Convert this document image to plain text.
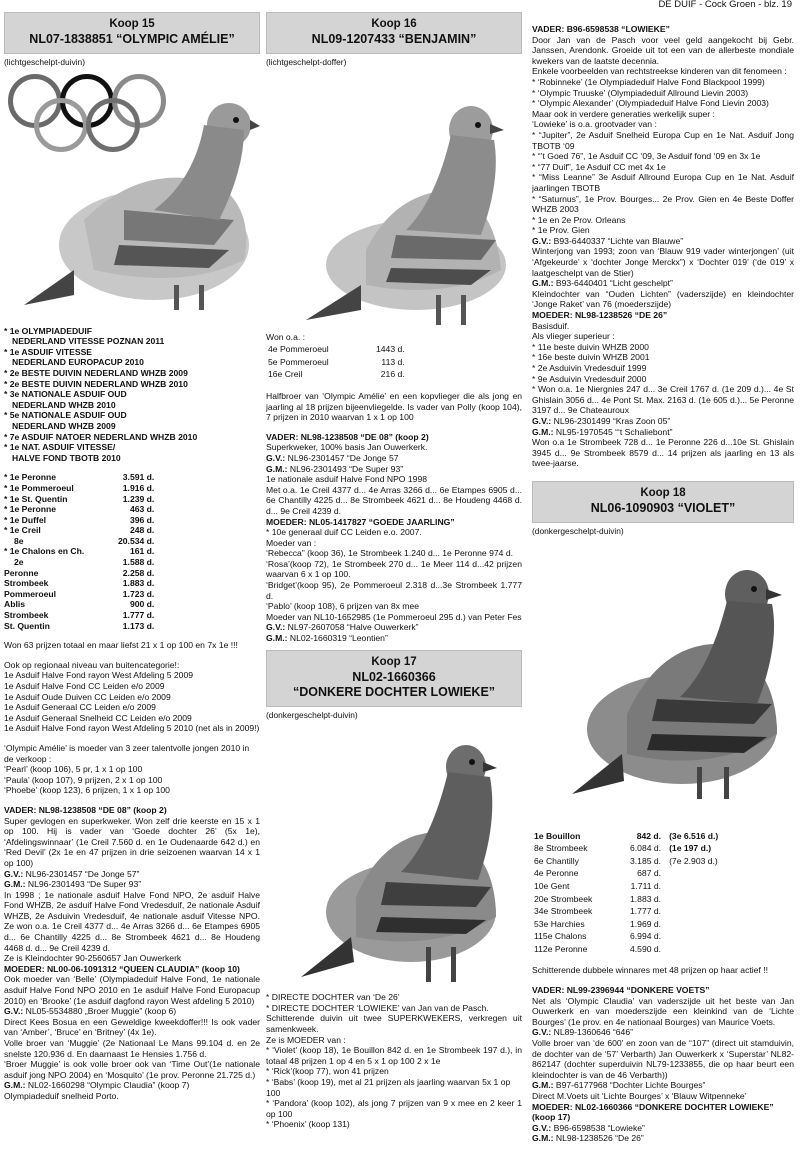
DE DUIF - Cock Groen - blz. 19
Koop 15
NL07-1838851 “OLYMPIC AMÉLIE”
(lichtgeschelpt-duivin)

* 1e OLYMPIADEDUIF

NEDERLAND VITESSE POZNAN 2011

* 1e ASDUIF VITESSE

NEDERLAND EUROPACUP 2010

* 2e BESTE DUIVIN NEDERLAND WHZB 2009

* 2e BESTE DUIVIN NEDERLAND WHZB 2010

* 3e NATIONALE ASDUIF OUD

NEDERLAND WHZB 2010

* 5e NATIONALE ASDUIF OUD

NEDERLAND WHZB 2009

* 7e ASDUIF NATOER NEDERLAND WHZB 2010

* 1e NAT. ASDUIF VITESSE/

HALVE FOND TBOTB 2010

* 1e Peronne	3.591 d.
* 1e Pommeroeul	1.916 d.
* 1e St. Quentin	1.239 d.
* 1e Peronne	463 d.
* 1e Duffel	396 d.
* 1e Creil	248 d.
8e	20.534 d.
* 1e Chalons en Ch.	161 d.
2e	1.588 d.
Peronne	2.258 d.
Strombeek	1.883 d.
Pommeroeul	1.723 d.
Ablis	900 d.
Strombeek	1.777 d.
St. Quentin	1.173 d.

Won 63 prijzen totaal en maar liefst 21 x 1 op 100 en 7x 1e !!!

Ook op regionaal niveau van buitencategorie!:

1e Asduif Halve Fond rayon West Afdeling 5 2009

1e Asduif Halve Fond CC Leiden e/o 2009

1e Asduif Oude Duiven CC Leiden e/o 2009

1e Asduif Generaal CC Leiden e/o 2009

1e Asduif Generaal Snelheid CC Leiden e/o 2009

1e Asduif Halve Fond rayon West Afdeling 5 2010 (net als in 2009!)

‘Olympic Amélie’ is moeder van 3 zeer talentvolle jongen 2010 in de verkoop :

‘Pearl’ (koop 106), 5 pr, 1 x 1 op 100

‘Paula’ (koop 107), 9 prijzen, 2 x 1 op 100

‘Phoebe’ (koop 123), 6 prijzen, 1 x 1 op 100

VADER: NL98-1238508 “DE 08” (koop 2)

Super gevlogen en superkweker. Won zelf drie keerste en 15 x 1 op 100. Hij is vader van ‘Goede dochter 26’ (5x 1e), ‘Afdelingswinnaar’ (1e Creil 7.560 d. en 1e Oudenaarde 642 d.) en ‘Red Devil’ (2x 1e en 47 prijzen in drie seizoenen waarvan 14 x 1 op 100)

G.V.: NL96-2301457 “De Jonge 57”

G.M.: NL96-2301493 “De Super 93”

In 1998 ; 1e nationale asduif Halve Fond NPO, 2e asduif Halve Fond WHZB, 2e asduif Halve Fond Vredesduif, 2e nationale Asduif WHZB, 2e Asduivin Vredesduif, 4e nationale asduif Vitesse NPO. Ze won o.a. 1e Creil 4377 d... 4e Arras 3266 d... 6e Etampes 6905 d... 6e Chantilly 4225 d... 8e Strombeek 4621 d... 8e Houdeng 4468 d. d... 9e Creil 4239 d.

Ze is Kleindochter 90-2560657 Jan Ouwerkerk

MOEDER: NL00-06-1091312 “QUEEN CLAUDIA” (koop 10)

Ook moeder van ‘Belle’ (Olympiadeduif Halve Fond, 1e nationale asduif Halve Fond NPO 2010 en 1e asduif Halve Fond Europacup 2010) en ‘Brooke’ (1e asduif dagfond rayon West afdeling 5 2010)

G.V.: NL05-5534880 „Broer Muggie” (koop 6)

Direct Kees Bosua en een Geweldige kweekdoffer!!! Is ook vader van ‘Amber’, ‘Bruce’ en ‘Britney’ (4x 1e).

Volle broer van ‘Muggie’ (2e Nationaal Le Mans 99.104 d. en 2e snelste 120.936 d. En daarnaast 1e Hensies 1.756 d.

‘Broer Muggie’ is ook volle broer ook van ‘Time Out’(1e nationale asduif jong NPO 2004) en ‘Mosquito’ (1e prov. Peronne 21.725 d.)

G.M.: NL02-1660298 “Olympic Claudia” (koop 7)

Olympiadeduif snelheid Porto.

Koop 16
NL09-1207433 “BENJAMIN”
(lichtgeschelpt-doffer)

Won o.a. :

4e Pommeroeul	1443 d.
5e Pommeroeul	113 d.
16e Creil	216 d.

Halfbroer van ‘Olympic Amélie’ en een kopvlieger die als jong en jaarling al 18 prijzen bijeenvliegelde. Is vader van Polly (koop 104), 7 prijzen in 2010 waarvan 1 x 1 op 100

VADER: NL98-1238508 “DE 08” (koop 2)

Superkweker, 100% basis Jan Ouwerkerk.

G.V.: NL96-2301457 “De Jonge 57

G.M.: NL96-2301493 “De Super 93”

1e nationale asduif Halve Fond NPO 1998

Met o.a. 1e Creil 4377 d... 4e Arras 3266 d... 6e Etampes 6905 d... 6e Chantilly 4225 d... 8e Strombeek 4621 d... 8e Houdeng 4468 d. d... 9e Creil 4239 d.

MOEDER: NL05-1417827 “GOEDE JAARLING”

* 10e generaal duif CC Leiden e.o. 2007.

Moeder van :

‘Rebecca” (koop 36), 1e Strombeek 1.240 d... 1e Peronne 974 d.

‘Rosa’(koop 72), 1e Strombeek 270 d... 1e Meer 114 d...42 prijzen waarvan 6 x 1 op 100.

‘Bridget’(koop 95), 2e Pommeroeul 2.318 d...3e Strombeek 1.777 d.

‘Pablo’ (koop 108), 6 prijzen van 8x mee

Moeder van NL10-1652985 (1e Pommeroeul 295 d.) van Peter Fes

G.V.: NL97-2607058 “Halve Ouwerkerk”

G.M.: NL02-1660319 “Leontien”

Koop 17
NL02-1660366
“DONKERE DOCHTER LOWIEKE”
(donkergeschelpt-duivin)

* DIRECTE DOCHTER van ‘De 26’

* DIRECTE DOCHTER ‘LOWIEKE’ van Jan van de Pasch.

Schitterende duivin uit twee SUPERKWEKERS, verkregen uit samenkweek.

Ze is MOEDER van :

* ‘Violet’ (koop 18), 1e Bouillon 842 d. en 1e Strombeek 197 d.), in totaal 48 prijzen 1 op 4 en 5 x 1 op 100 2 x 1e

* ‘Rick’(koop 77), won 41 prijzen

* ‘Babs’ (koop 19), met al 21 prijzen als jaarling waarvan 5x 1 op 100

* ‘Pandora’ (koop 102), als jong 7 prijzen van 9 x mee en 2 keer 1 op 100

* ‘Phoenix’ (koop 131)

VADER: B96-6598538 “LOWIEKE”

Door Jan van de Pasch voor veel geld aangekocht bij Gebr. Janssen, Arendonk. Groeide uit tot een van de allerbeste mondiale kwekers van de laatste decennia.

Enkele voorbeelden van rechtstreekse kinderen van dit fenomeen :

* ‘Robinneke’ (1e Olympiadeduif Halve Fond Blackpool 1999)

* ‘Olympic Truuske’ (Olympiadeduif Allround Lievin 2003)

* ‘Olympic Alexander’ (Olympiadeduif Halve Fond Lievin 2003)

Maar ook in verdere generaties werkelijk super :

‘Lowieke’ is o.a. grootvader van :

* “Jupiter”, 2e Asduif Snelheid Europa Cup en 1e Nat. Asduif Jong TBOTB ‘09

* “’t Goed 76”, 1e Asduif CC ‘09, 3e Asduif fond ‘09 en 3x 1e

* “77 Duif”, 1e Asduif CC met 4x 1e

* “Miss Leanne” 3e Asduif Allround Europa Cup en 1e Nat. Asduif jaarlingen TBOTB

* “Saturnus”, 1e Prov. Bourges... 2e Prov. Gien en 4e Beste Doffer WHZB 2003

* 1e en 2e Prov. Orleans

* 1e Prov. Gien

G.V.: B93-6440337 “Lichte van Blauwe”

Winterjong van 1993; zoon van ‘Blauw 919 vader winterjongen’ (uit ‘Afgekeurde’ x ‘dochter Jonge Merckx”) x ‘Dochter 019’ (‘de 019’ x laatgeschelpt van de Stier)

G.M.: B93-6440401 “Licht geschelpt”

Kleindochter van “Ouden Lichten” (vaderszijde) en kleindochter ‘Jonge Raket’ van 76 (moederszijde)

MOEDER: NL98-1238526 “DE 26”

Basisduif.

Als vlieger superieur :

* 11e beste duivin WHZB 2000

* 16e beste duivin WHZB 2001

* 2e Asduivin Vredesduif 1999

* 9e Asduivin Vredesduif 2000

* Won o.a. 1e Niergnies 247 d... 3e Creil 1767 d. (1e 209 d.)... 4e St Ghislain 3056 d... 4e Pont St. Max. 2163 d. (1e 605 d.)... 5e Peronne 3197 d... 9e Chateauroux

G.V.: NL96-2301499 “Kras Zoon 05”

G.M.: NL95-1970545 “‘t Schaliebont”

Won o.a 1e Strombeek 728 d... 1e Peronne 226 d...10e St. Ghislain 3945 d... 9e Strombeek 8579 d... 14 prijzen als jaarling en 13 als twee-jaarse.

Koop 18
NL06-1090903 “VIOLET”
(donkergeschelpt-duivin)
1e Bouillon	842 d.	(3e 6.516 d.)
8e Strombeek	6.084 d.	(1e 197 d.)
6e Chantilly	3.185 d.	(7e 2.903 d.)
4e Peronne	687 d.	
10e Gent	1.711 d.	
20e Strombeek	1.883 d.	
34e Strombeek	1.777 d.	
53e Harchies	1.969 d.	
115e Chalons	6.994 d.	
112e Peronne	4.590 d.	

Schitterende dubbele winnares met 48 prijzen op haar actief !!

VADER: NL99-2396944 “DONKERE VOETS”

Net als ‘Olympic Claudia’ van vaderszijde uit het beste van Jan Ouwerkerk en van moederszijde een kleinkind van de ‘Lichte Bourges’ (1e prov. en 4e nationaal Bourges) van Maurice Voets.

G.V.: NL89-1360646 “646”

Volle broer van ‘de 600’ en zoon van de “107” (direct uit stamduivin, de dochter van de ‘57’ Verbarth) Jan Ouwerkerk x ‘Superstar’ NL82-862147 (dochter superduivin NL79-1233855, die op haar beurt een kleindochter is van de 46 Verbarth))

G.M.: B97-6177968 “Dochter Lichte Bourges”

Direct M.Voets uit ‘Lichte Bourges’ x ‘Blauw Witpenneke’

MOEDER: NL02-1660366 “DONKERE DOCHTER LOWIEKE” (koop 17)

G.V.: B96-6598538 “Lowieke”

G.M.: NL98-1238526 “De 26”
